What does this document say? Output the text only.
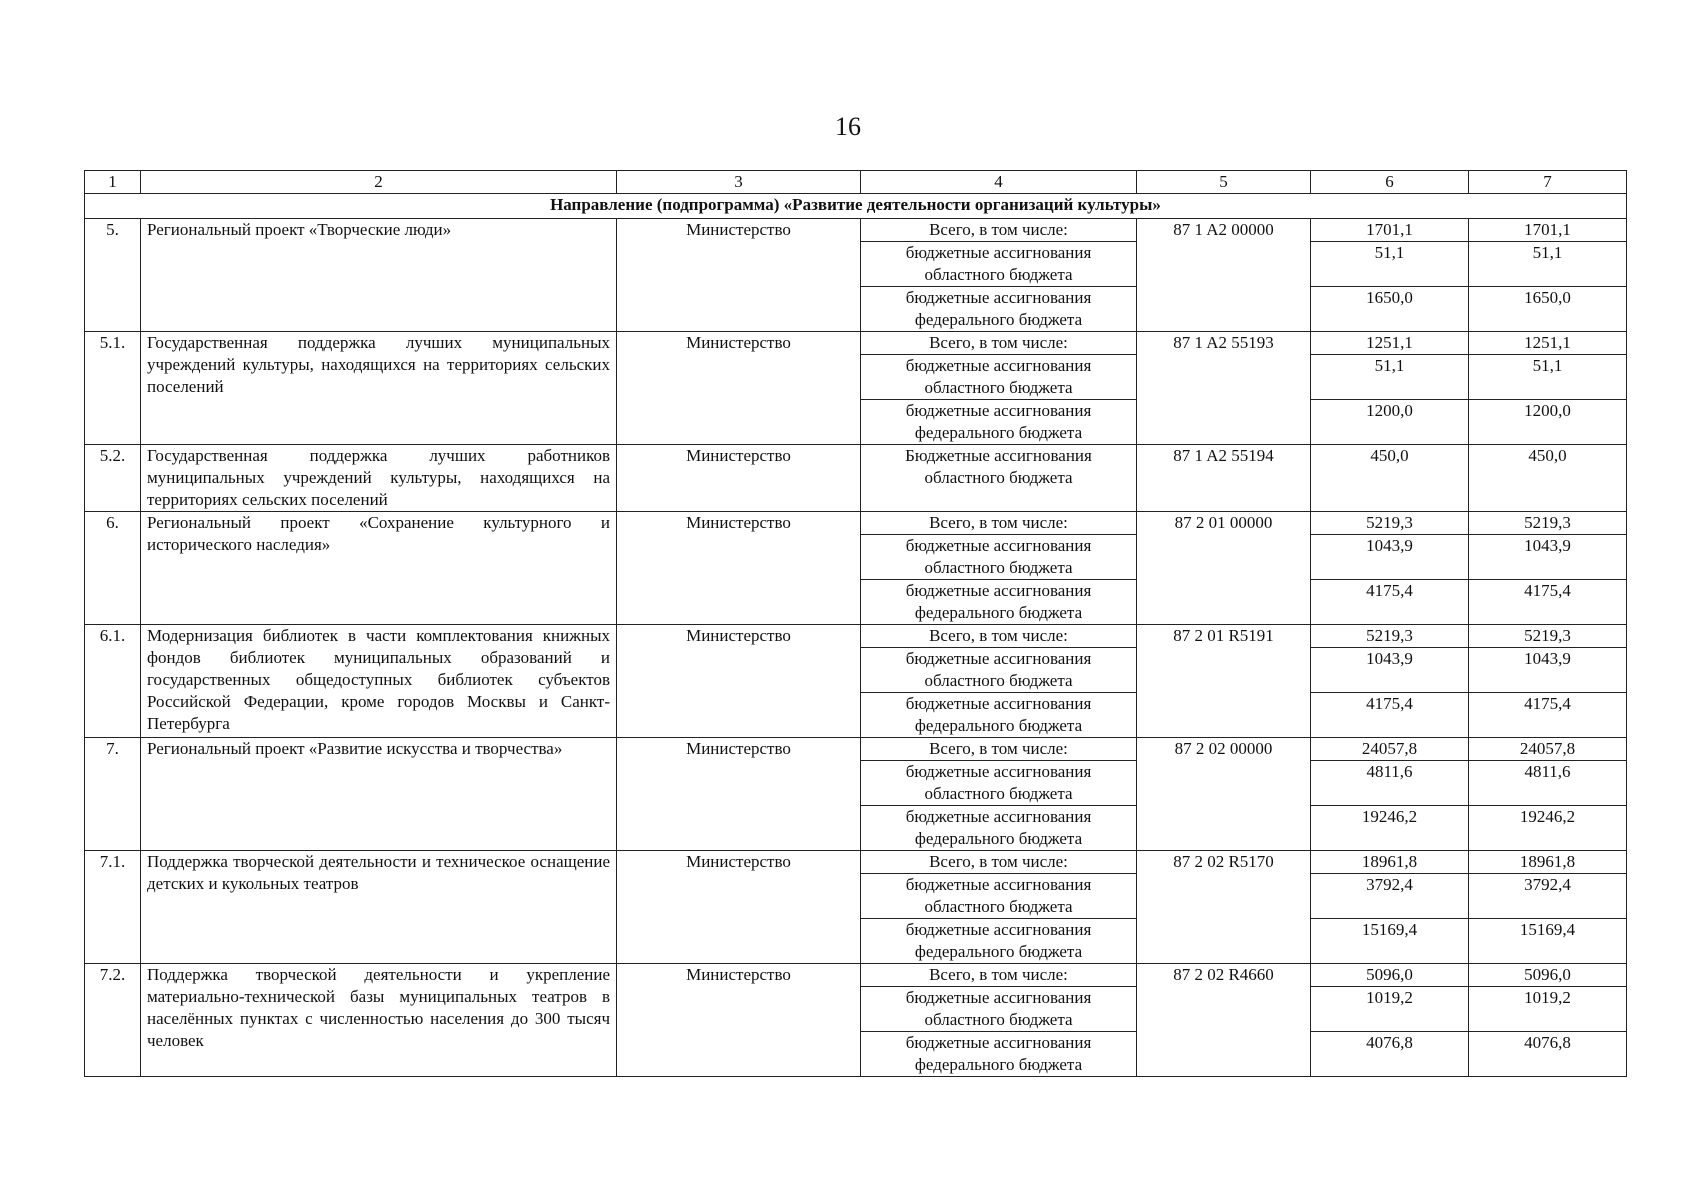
16
1	2	3	4	5	6	7
Направление (подпрограмма) «Развитие деятельности организаций культуры»						
5.	Региональный проект «Творческие люди»	Министерство	Всего, в том числе:	87 1 A2 00000	1701,1	1701,1
			бюджетные ассигнования областного бюджета		51,1	51,1
			бюджетные ассигнования федерального бюджета		1650,0	1650,0
5.1.	Государственная поддержка лучших муниципальных учреждений культуры, находящихся на территориях сельских поселений	Министерство	Всего, в том числе:	87 1 A2 55193	1251,1	1251,1
			бюджетные ассигнования областного бюджета		51,1	51,1
			бюджетные ассигнования федерального бюджета		1200,0	1200,0
5.2.	Государственная поддержка лучших работников муниципальных учреждений культуры, находящихся на территориях сельских поселений	Министерство	Бюджетные ассигнования областного бюджета	87 1 A2 55194	450,0	450,0
6.	Региональный проект «Сохранение культурного и исторического наследия»	Министерство	Всего, в том числе:	87 2 01 00000	5219,3	5219,3
			бюджетные ассигнования областного бюджета		1043,9	1043,9
			бюджетные ассигнования федерального бюджета		4175,4	4175,4
6.1.	Модернизация библиотек в части комплектования книжных фондов библиотек муниципальных образований и государственных общедоступных библиотек субъектов Российской Федерации, кроме городов Москвы и Санкт-Петербурга	Министерство	Всего, в том числе:	87 2 01 R5191	5219,3	5219,3
			бюджетные ассигнования областного бюджета		1043,9	1043,9
			бюджетные ассигнования федерального бюджета		4175,4	4175,4
7.	Региональный проект «Развитие искусства и творчества»	Министерство	Всего, в том числе:	87 2 02 00000	24057,8	24057,8
			бюджетные ассигнования областного бюджета		4811,6	4811,6
			бюджетные ассигнования федерального бюджета		19246,2	19246,2
7.1.	Поддержка творческой деятельности и техническое оснащение детских и кукольных театров	Министерство	Всего, в том числе:	87 2 02 R5170	18961,8	18961,8
			бюджетные ассигнования областного бюджета		3792,4	3792,4
			бюджетные ассигнования федерального бюджета		15169,4	15169,4
7.2.	Поддержка творческой деятельности и укрепление материально-технической базы муниципальных театров в населённых пунктах с численностью населения до 300 тысяч человек	Министерство	Всего, в том числе:	87 2 02 R4660	5096,0	5096,0
			бюджетные ассигнования областного бюджета		1019,2	1019,2
			бюджетные ассигнования федерального бюджета		4076,8	4076,8
